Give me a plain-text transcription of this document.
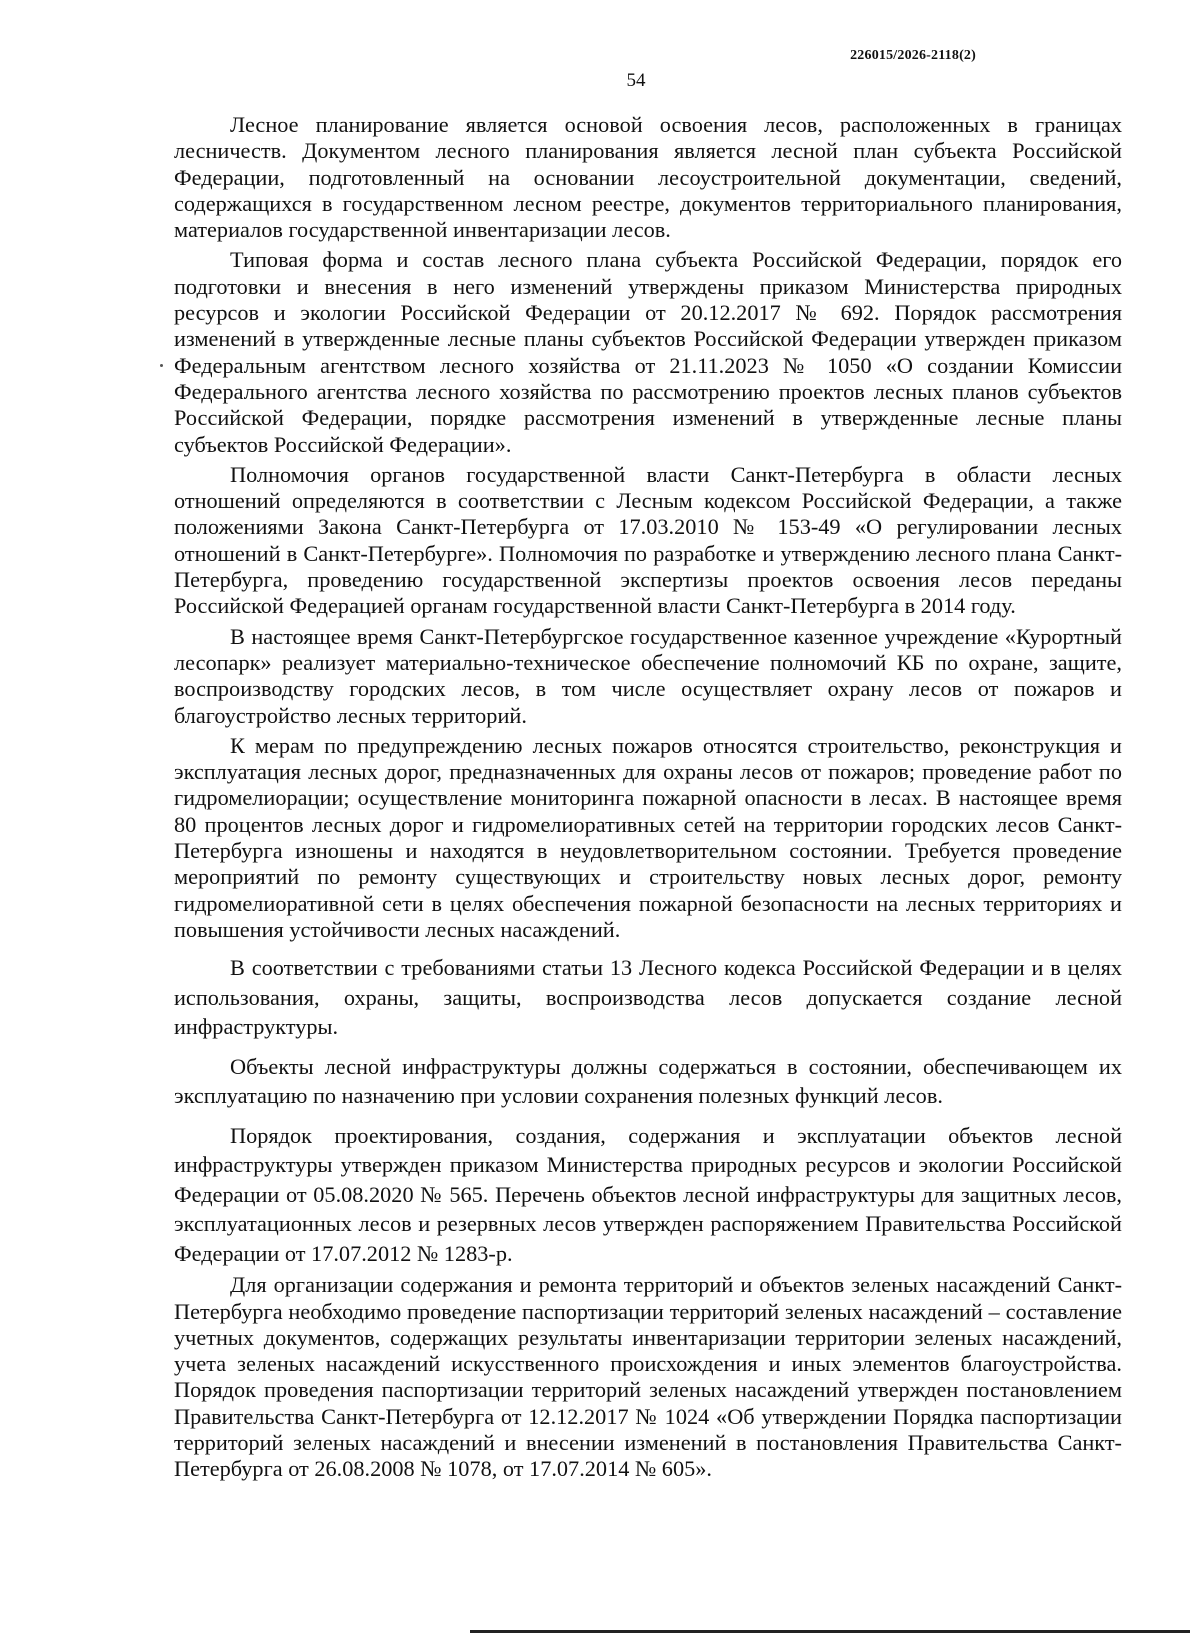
226015/2026-2118(2)
54

Лесное планирование является основой освоения лесов, расположенных в границах лесничеств. Документом лесного планирования является лесной план субъекта Российской Федерации, подготовленный на основании лесоустроительной документации, сведений, содержащихся в государственном лесном реестре, документов территориального планирования, материалов государственной инвентаризации лесов.

Типовая форма и состав лесного плана субъекта Российской Федерации, порядок его подготовки и внесения в него изменений утверждены приказом Министерства природных ресурсов и экологии Российской Федерации от 20.12.2017 № 692. Порядок рассмотрения изменений в утвержденные лесные планы субъектов Российской Федерации утвержден приказом Федеральным агентством лесного хозяйства от 21.11.2023 № 1050 «О создании Комиссии Федерального агентства лесного хозяйства по рассмотрению проектов лесных планов субъектов Российской Федерации, порядке рассмотрения изменений в утвержденные лесные планы субъектов Российской Федерации».

Полномочия органов государственной власти Санкт-Петербурга в области лесных отношений определяются в соответствии с Лесным кодексом Российской Федерации, а также положениями Закона Санкт-Петербурга от 17.03.2010 № 153-49 «О регулировании лесных отношений в Санкт-Петербурге». Полномочия по разработке и утверждению лесного плана Санкт-Петербурга, проведению государственной экспертизы проектов освоения лесов переданы Российской Федерацией органам государственной власти Санкт-Петербурга в 2014 году.

В настоящее время Санкт-Петербургское государственное казенное учреждение «Курортный лесопарк» реализует материально-техническое обеспечение полномочий КБ по охране, защите, воспроизводству городских лесов, в том числе осуществляет охрану лесов от пожаров и благоустройство лесных территорий.

К мерам по предупреждению лесных пожаров относятся строительство, реконструкция и эксплуатация лесных дорог, предназначенных для охраны лесов от пожаров; проведение работ по гидромелиорации; осуществление мониторинга пожарной опасности в лесах. В настоящее время 80 процентов лесных дорог и гидромелиоративных сетей на территории городских лесов Санкт-Петербурга изношены и находятся в неудовлетворительном состоянии. Требуется проведение мероприятий по ремонту существующих и строительству новых лесных дорог, ремонту гидромелиоративной сети в целях обеспечения пожарной безопасности на лесных территориях и повышения устойчивости лесных насаждений.

В соответствии с требованиями статьи 13 Лесного кодекса Российской Федерации и в целях использования, охраны, защиты, воспроизводства лесов допускается создание лесной инфраструктуры.

Объекты лесной инфраструктуры должны содержаться в состоянии, обеспечивающем их эксплуатацию по назначению при условии сохранения полезных функций лесов.

Порядок проектирования, создания, содержания и эксплуатации объектов лесной инфраструктуры утвержден приказом Министерства природных ресурсов и экологии Российской Федерации от 05.08.2020 № 565. Перечень объектов лесной инфраструктуры для защитных лесов, эксплуатационных лесов и резервных лесов утвержден распоряжением Правительства Российской Федерации от 17.07.2012 № 1283-р.

Для организации содержания и ремонта территорий и объектов зеленых насаждений Санкт-Петербурга необходимо проведение паспортизации территорий зеленых насаждений – составление учетных документов, содержащих результаты инвентаризации территории зеленых насаждений, учета зеленых насаждений искусственного происхождения и иных элементов благоустройства. Порядок проведения паспортизации территорий зеленых насаждений утвержден постановлением Правительства Санкт-Петербурга от 12.12.2017 № 1024 «Об утверждении Порядка паспортизации территорий зеленых насаждений и внесении изменений в постановления Правительства Санкт-Петербурга от 26.08.2008 № 1078, от 17.07.2014 № 605».
